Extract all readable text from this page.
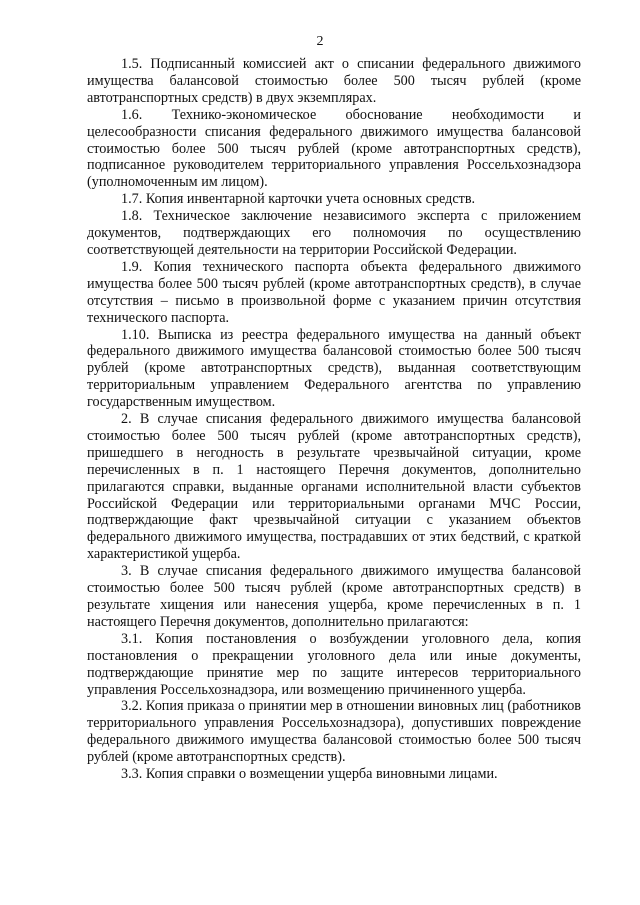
2

1.5. Подписанный комиссией акт о списании федерального движимого имущества балансовой стоимостью более 500 тысяч рублей (кроме автотранспортных средств) в двух экземплярах.

1.6. Технико-экономическое обоснование необходимости и целесообразности списания федерального движимого имущества балансовой стоимостью более 500 тысяч рублей (кроме автотранспортных средств), подписанное руководителем территориального управления Россельхознадзора (уполномоченным им лицом).

1.7. Копия инвентарной карточки учета основных средств.

1.8. Техническое заключение независимого эксперта с приложением документов, подтверждающих его полномочия по осуществлению соответствующей деятельности на территории Российской Федерации.

1.9. Копия технического паспорта объекта федерального движимого имущества более 500 тысяч рублей (кроме автотранспортных средств), в случае отсутствия – письмо в произвольной форме с указанием причин отсутствия технического паспорта.

1.10. Выписка из реестра федерального имущества на данный объект федерального движимого имущества балансовой стоимостью более 500 тысяч рублей (кроме автотранспортных средств), выданная соответствующим территориальным управлением Федерального агентства по управлению государственным имуществом.

2. В случае списания федерального движимого имущества балансовой стоимостью более 500 тысяч рублей (кроме автотранспортных средств), пришедшего в негодность в результате чрезвычайной ситуации, кроме перечисленных в п. 1 настоящего Перечня документов, дополнительно прилагаются справки, выданные органами исполнительной власти субъектов Российской Федерации или территориальными органами МЧС России, подтверждающие факт чрезвычайной ситуации с указанием объектов федерального движимого имущества, пострадавших от этих бедствий, с краткой характеристикой ущерба.

3. В случае списания федерального движимого имущества балансовой стоимостью более 500 тысяч рублей (кроме автотранспортных средств) в результате хищения или нанесения ущерба, кроме перечисленных в п. 1 настоящего Перечня документов, дополнительно прилагаются:

3.1. Копия постановления о возбуждении уголовного дела, копия постановления о прекращении уголовного дела или иные документы, подтверждающие принятие мер по защите интересов территориального управления Россельхознадзора, или возмещению причиненного ущерба.

3.2. Копия приказа о принятии мер в отношении виновных лиц (работников территориального управления Россельхознадзора), допустивших повреждение федерального движимого имущества балансовой стоимостью более 500 тысяч рублей (кроме автотранспортных средств).

3.3. Копия справки о возмещении ущерба виновными лицами.
